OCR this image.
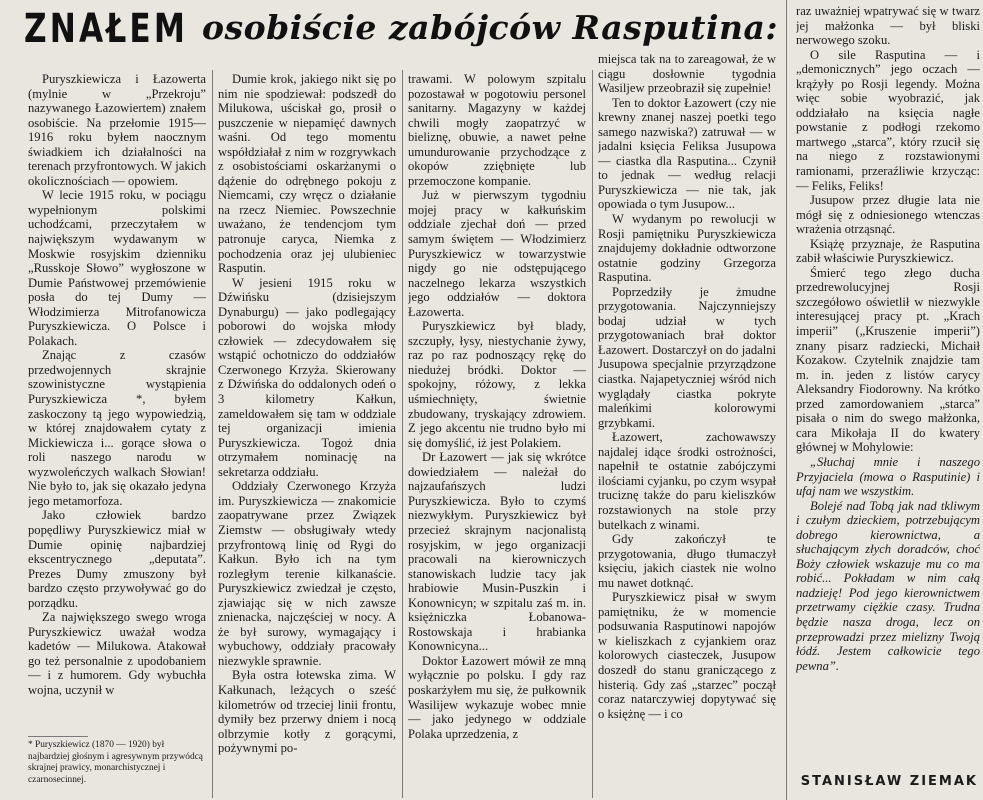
ZNAŁEM osobiście zabójców Rasputina:

Puryszkiewicza i Łazowerta (mylnie w „Przekroju” nazywanego Łazowiertem) znałem osobiście. Na przełomie 1915—1916 roku byłem naocznym świadkiem ich działalności na terenach przyfrontowych. W jakich okolicznościach — opowiem.

W lecie 1915 roku, w pociągu wypełnionym polskimi uchodźcami, przeczytałem w największym wydawanym w Moskwie rosyjskim dzienniku „Russkoje Słowo” wygłoszone w Dumie Państwowej przemówienie posła do tej Dumy — Włodzimierza Mitrofanowicza Puryszkiewicza. O Polsce i Polakach.

Znając z czasów przedwojennych skrajnie szowinistyczne wystąpienia Puryszkiewicza *, byłem zaskoczony tą jego wypowiedzią, w której znajdowałem cytaty z Mickiewicza i... gorące słowa o roli naszego narodu w wyzwoleńczych walkach Słowian! Nie było to, jak się okazało jedyna jego metamorfoza.

Jako człowiek bardzo popędliwy Puryszkiewicz miał w Dumie opinię najbardziej ekscentrycznego „deputata”. Prezes Dumy zmuszony był bardzo często przywoływać go do porządku.

Za największego swego wroga Puryszkiewicz uważał wodza kadetów — Milukowa. Atakował go też personalnie z upodobaniem — i z humorem. Gdy wybuchła wojna, uczynił w

Dumie krok, jakiego nikt się po nim nie spodziewał: podszedł do Milukowa, uściskał go, prosił o puszczenie w niepamięć dawnych waśni. Od tego momentu współdziałał z nim w rozgrywkach z osobistościami oskarżanymi o dążenie do odrębnego pokoju z Niemcami, czy wręcz o działanie na rzecz Niemiec. Powszechnie uważano, że tendencjom tym patronuje caryca, Niemka z pochodzenia oraz jej ulubieniec Rasputin.

W jesieni 1915 roku w Dźwińsku (dzisiejszym Dynaburgu) — jako podlegający poborowi do wojska młody człowiek — zdecydowałem się wstąpić ochotniczo do oddziałów Czerwonego Krzyża. Skierowany z Dźwińska do oddalonych odeń o 3 kilometry Kałkun, zameldowałem się tam w oddziale tej organizacji imienia Puryszkiewicza. Togoż dnia otrzymałem nominację na sekretarza oddziału.

Oddziały Czerwonego Krzyża im. Puryszkiewicza — znakomicie zaopatrywane przez Związek Ziemstw — obsługiwały wtedy przyfrontową linię od Rygi do Kałkun. Było ich na tym rozległym terenie kilkanaście. Puryszkiewicz zwiedzał je często, zjawiając się w nich zawsze znienacka, najczęściej w nocy. A że był surowy, wymagający i wybuchowy, oddziały pracowały niezwykle sprawnie.

Była ostra łotewska zima. W Kałkunach, leżących o sześć kilometrów od trzeciej linii frontu, dymiły bez przerwy dniem i nocą olbrzymie kotły z gorącymi, pożywnymi po-

trawami. W polowym szpitalu pozostawał w pogotowiu personel sanitarny. Magazyny w każdej chwili mogły zaopatrzyć w bieliznę, obuwie, a nawet pełne umundurowanie przychodzące z okopów zziębnięte lub przemoczone kompanie.

Już w pierwszym tygodniu mojej pracy w kałkuńskim oddziale zjechał doń — przed samym świętem — Włodzimierz Puryszkiewicz w towarzystwie nigdy go nie odstępującego naczelnego lekarza wszystkich jego oddziałów — doktora Łazowerta.

Puryszkiewicz był blady, szczupły, łysy, niestychanie żywy, raz po raz podnoszący rękę do niedużej bródki. Doktor — spokojny, różowy, z lekka uśmiechnięty, świetnie zbudowany, tryskający zdrowiem. Z jego akcentu nie trudno było mi się domyślić, iż jest Polakiem.

Dr Łazowert — jak się wkrótce dowiedziałem — należał do najzaufańszych ludzi Puryszkiewicza. Było to czymś niezwykłym. Puryszkiewicz był przecież skrajnym nacjonalistą rosyjskim, w jego organizacji pracowali na kierowniczych stanowiskach ludzie tacy jak hrabiowie Musin-Puszkin i Konownicyn; w szpitalu zaś m. in. księżniczka Łobanowa-Rostowskaja i hrabianka Konownicyna...

Doktor Łazowert mówił ze mną wyłącznie po polsku. I gdy raz poskarżyłem mu się, że pułkownik Wasilijew wykazuje wobec mnie — jako jedynego w oddziale Polaka uprzedzenia, z

miejsca tak na to zareagował, że w ciągu dosłownie tygodnia Wasiljew przeobraził się zupełnie!

Ten to doktor Łazowert (czy nie krewny znanej naszej poetki tego samego nazwiska?) zatruwał — w jadalni księcia Feliksa Jusupowa — ciastka dla Rasputina... Czynił to jednak — według relacji Puryszkiewicza — nie tak, jak opowiada o tym Jusupow...

W wydanym po rewolucji w Rosji pamiętniku Puryszkiewicza znajdujemy dokładnie odtworzone ostatnie godziny Grzegorza Rasputina.

Poprzedziły je żmudne przygotowania. Najczynniejszy bodaj udział w tych przygotowaniach brał doktor Łazowert. Dostarczył on do jadalni Jusupowa specjalnie przyrządzone ciastka. Najapetyczniej wśród nich wyglądały ciastka pokryte maleńkimi kolorowymi grzybkami.

Łazowert, zachowawszy najdalej idące środki ostrożności, napełnił te ostatnie zabójczymi ilościami cyjanku, po czym wsypał truciznę także do paru kieliszków rozstawionych na stole przy butelkach z winami.

Gdy zakończył te przygotowania, długo tłumaczył księciu, jakich ciastek nie wolno mu nawet dotknąć.

Puryszkiewicz pisał w swym pamiętniku, że w momencie podsuwania Rasputinowi napojów w kieliszkach z cyjankiem oraz kolorowych ciasteczek, Jusupow doszedł do stanu graniczącego z histerią. Gdy zaś „starzec” począł coraz natarczywiej dopytywać się o księżnę — i co

raz uważniej wpatrywać się w twarz jej małżonka — był bliski nerwowego szoku.

O sile Rasputina — i „demonicznych” jego oczach — krążyły po Rosji legendy. Można więc sobie wyobrazić, jak oddziałało na księcia nagłe powstanie z podłogi rzekomo martwego „starca”, który rzucił się na niego z rozstawionymi ramionami, przeraźliwie krzycząc: — Feliks, Feliks!

Jusupow przez długie lata nie mógł się z odniesionego wtenczas wrażenia otrząsnąć.

Książę przyznaje, że Rasputina zabił właściwie Puryszkiewicz.

Śmierć tego złego ducha przedrewolucyjnej Rosji szczegółowo oświetlił w niezwykle interesującej pracy pt. „Krach imperii” („Kruszenie imperii”) znany pisarz radziecki, Michaił Kozakow. Czytelnik znajdzie tam m. in. jeden z listów carycy Aleksandry Fiodorowny. Na krótko przed zamordowaniem „starca” pisała o nim do swego małżonka, cara Mikołaja II do kwatery głównej w Mohylowie:

„Słuchaj mnie i naszego Przyjaciela (mowa o Rasputinie) i ufaj nam we wszystkim.

Bolejé nad Tobą jak nad tkliwym i czułym dzieckiem, potrzebującym dobrego kierownictwa, a słuchającym złych doradców, choć Boży człowiek wskazuje mu co ma robić... Pokładam w nim całą nadzieję! Pod jego kierownictwem przetrwamy ciężkie czasy. Trudna będzie nasza droga, lecz on przeprowadzi przez mielizny Twoją łódź. Jestem całkowicie tego pewna”.

* Puryszkiewicz (1870 — 1920) był najbardziej głośnym i agresywnym przywódcą skrajnej prawicy, monarchistycznej i czarnosecinnej.	STANISŁAW ZIEMAK
